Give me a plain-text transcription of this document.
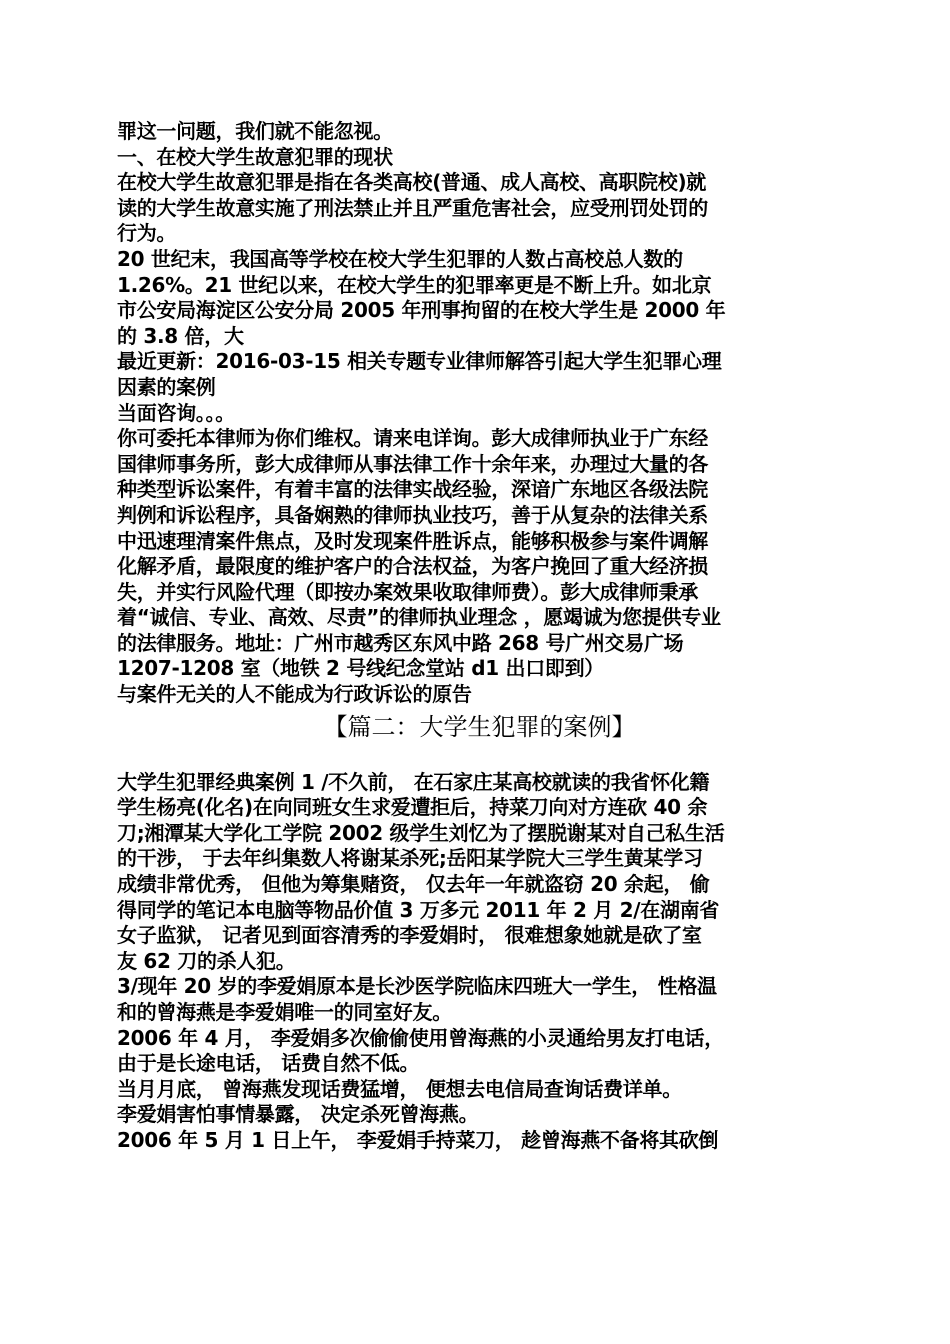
罪这一问题，我们就不能忽视。
一、在校大学生故意犯罪的现状
在校大学生故意犯罪是指在各类高校(普通、成人高校、高职院校)就
读的大学生故意实施了刑法禁止并且严重危害社会，应受刑罚处罚的
行为。
20 世纪末，我国高等学校在校大学生犯罪的人数占高校总人数的
1.26%。21 世纪以来，在校大学生的犯罪率更是不断上升。如北京
市公安局海淀区公安分局 2005 年刑事拘留的在校大学生是 2000 年
的 3.8 倍，大
最近更新：2016-03-15 相关专题专业律师解答引起大学生犯罪心理
因素的案例
当面咨询。。。
你可委托本律师为你们维权。请来电详询。彭大成律师执业于广东经
国律师事务所，彭大成律师从事法律工作十余年来，办理过大量的各
种类型诉讼案件，有着丰富的法律实战经验，深谙广东地区各级法院
判例和诉讼程序，具备娴熟的律师执业技巧，善于从复杂的法律关系
中迅速理清案件焦点，及时发现案件胜诉点，能够积极参与案件调解
化解矛盾，最限度的维护客户的合法权益，为客户挽回了重大经济损
失，并实行风险代理（即按办案效果收取律师费）。彭大成律师秉承
着“诚信、专业、高效、尽责”的律师执业理念 ，愿竭诚为您提供专业
的法律服务。地址：广州市越秀区东风中路 268 号广州交易广场
1207-1208 室（地铁 2 号线纪念堂站 d1 出口即到）
与案件无关的人不能成为行政诉讼的原告
【篇二：大学生犯罪的案例】
大学生犯罪经典案例 1 /不久前， 在石家庄某高校就读的我省怀化籍
学生杨亮(化名)在向同班女生求爱遭拒后，持菜刀向对方连砍 40 余
刀;湘潭某大学化工学院 2002 级学生刘忆为了摆脱谢某对自己私生活
的干涉， 于去年纠集数人将谢某杀死;岳阳某学院大三学生黄某学习
成绩非常优秀， 但他为筹集赌资， 仅去年一年就盗窃 20 余起， 偷
得同学的笔记本电脑等物品价值 3 万多元 2011 年 2 月 2/在湖南省
女子监狱， 记者见到面容清秀的李爱娟时， 很难想象她就是砍了室
友 62 刀的杀人犯。
3/现年 20 岁的李爱娟原本是长沙医学院临床四班大一学生， 性格温
和的曾海燕是李爱娟唯一的同室好友。
2006 年 4 月， 李爱娟多次偷偷使用曾海燕的小灵通给男友打电话，
由于是长途电话， 话费自然不低。
当月月底， 曾海燕发现话费猛增， 便想去电信局查询话费详单。
李爱娟害怕事情暴露， 决定杀死曾海燕。
2006 年 5 月 1 日上午， 李爱娟手持菜刀， 趁曾海燕不备将其砍倒
